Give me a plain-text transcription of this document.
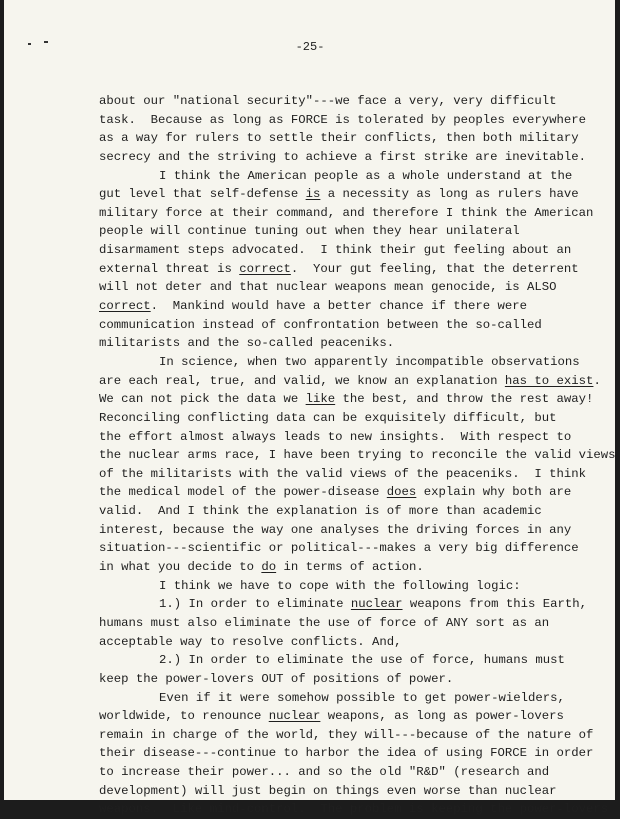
-25-
about our "national security"---we face a very, very difficult
task.  Because as long as FORCE is tolerated by peoples everywhere
as a way for rulers to settle their conflicts, then both military
secrecy and the striving to achieve a first strike are inevitable.
I think the American people as a whole understand at the
gut level that self-defense is a necessity as long as rulers have
military force at their command, and therefore I think the American
people will continue tuning out when they hear unilateral
disarmament steps advocated.  I think their gut feeling about an
external threat is correct.  Your gut feeling, that the deterrent
will not deter and that nuclear weapons mean genocide, is ALSO
correct.  Mankind would have a better chance if there were
communication instead of confrontation between the so-called
militarists and the so-called peaceniks.
In science, when two apparently incompatible observations
are each real, true, and valid, we know an explanation has to exist.
We can not pick the data we like the best, and throw the rest away!
Reconciling conflicting data can be exquisitely difficult, but
the effort almost always leads to new insights.  With respect to
the nuclear arms race, I have been trying to reconcile the valid views
of the militarists with the valid views of the peaceniks.  I think
the medical model of the power-disease does explain why both are
valid.  And I think the explanation is of more than academic
interest, because the way one analyses the driving forces in any
situation---scientific or political---makes a very big difference
in what you decide to do in terms of action.
I think we have to cope with the following logic:
1.) In order to eliminate nuclear weapons from this Earth,
humans must also eliminate the use of force of ANY sort as an
acceptable way to resolve conflicts. And,
2.) In order to eliminate the use of force, humans must
keep the power-lovers OUT of positions of power.
Even if it were somehow possible to get power-wielders,
worldwide, to renounce nuclear weapons, as long as power-lovers
remain in charge of the world, they will---because of the nature of
their disease---continue to harbor the idea of using FORCE in order
to increase their power... and so the old "R&D" (research and
development) will just begin on things even worse than nuclear
weapons.  Like mind-control.  The problem is keeping the power-lovers
